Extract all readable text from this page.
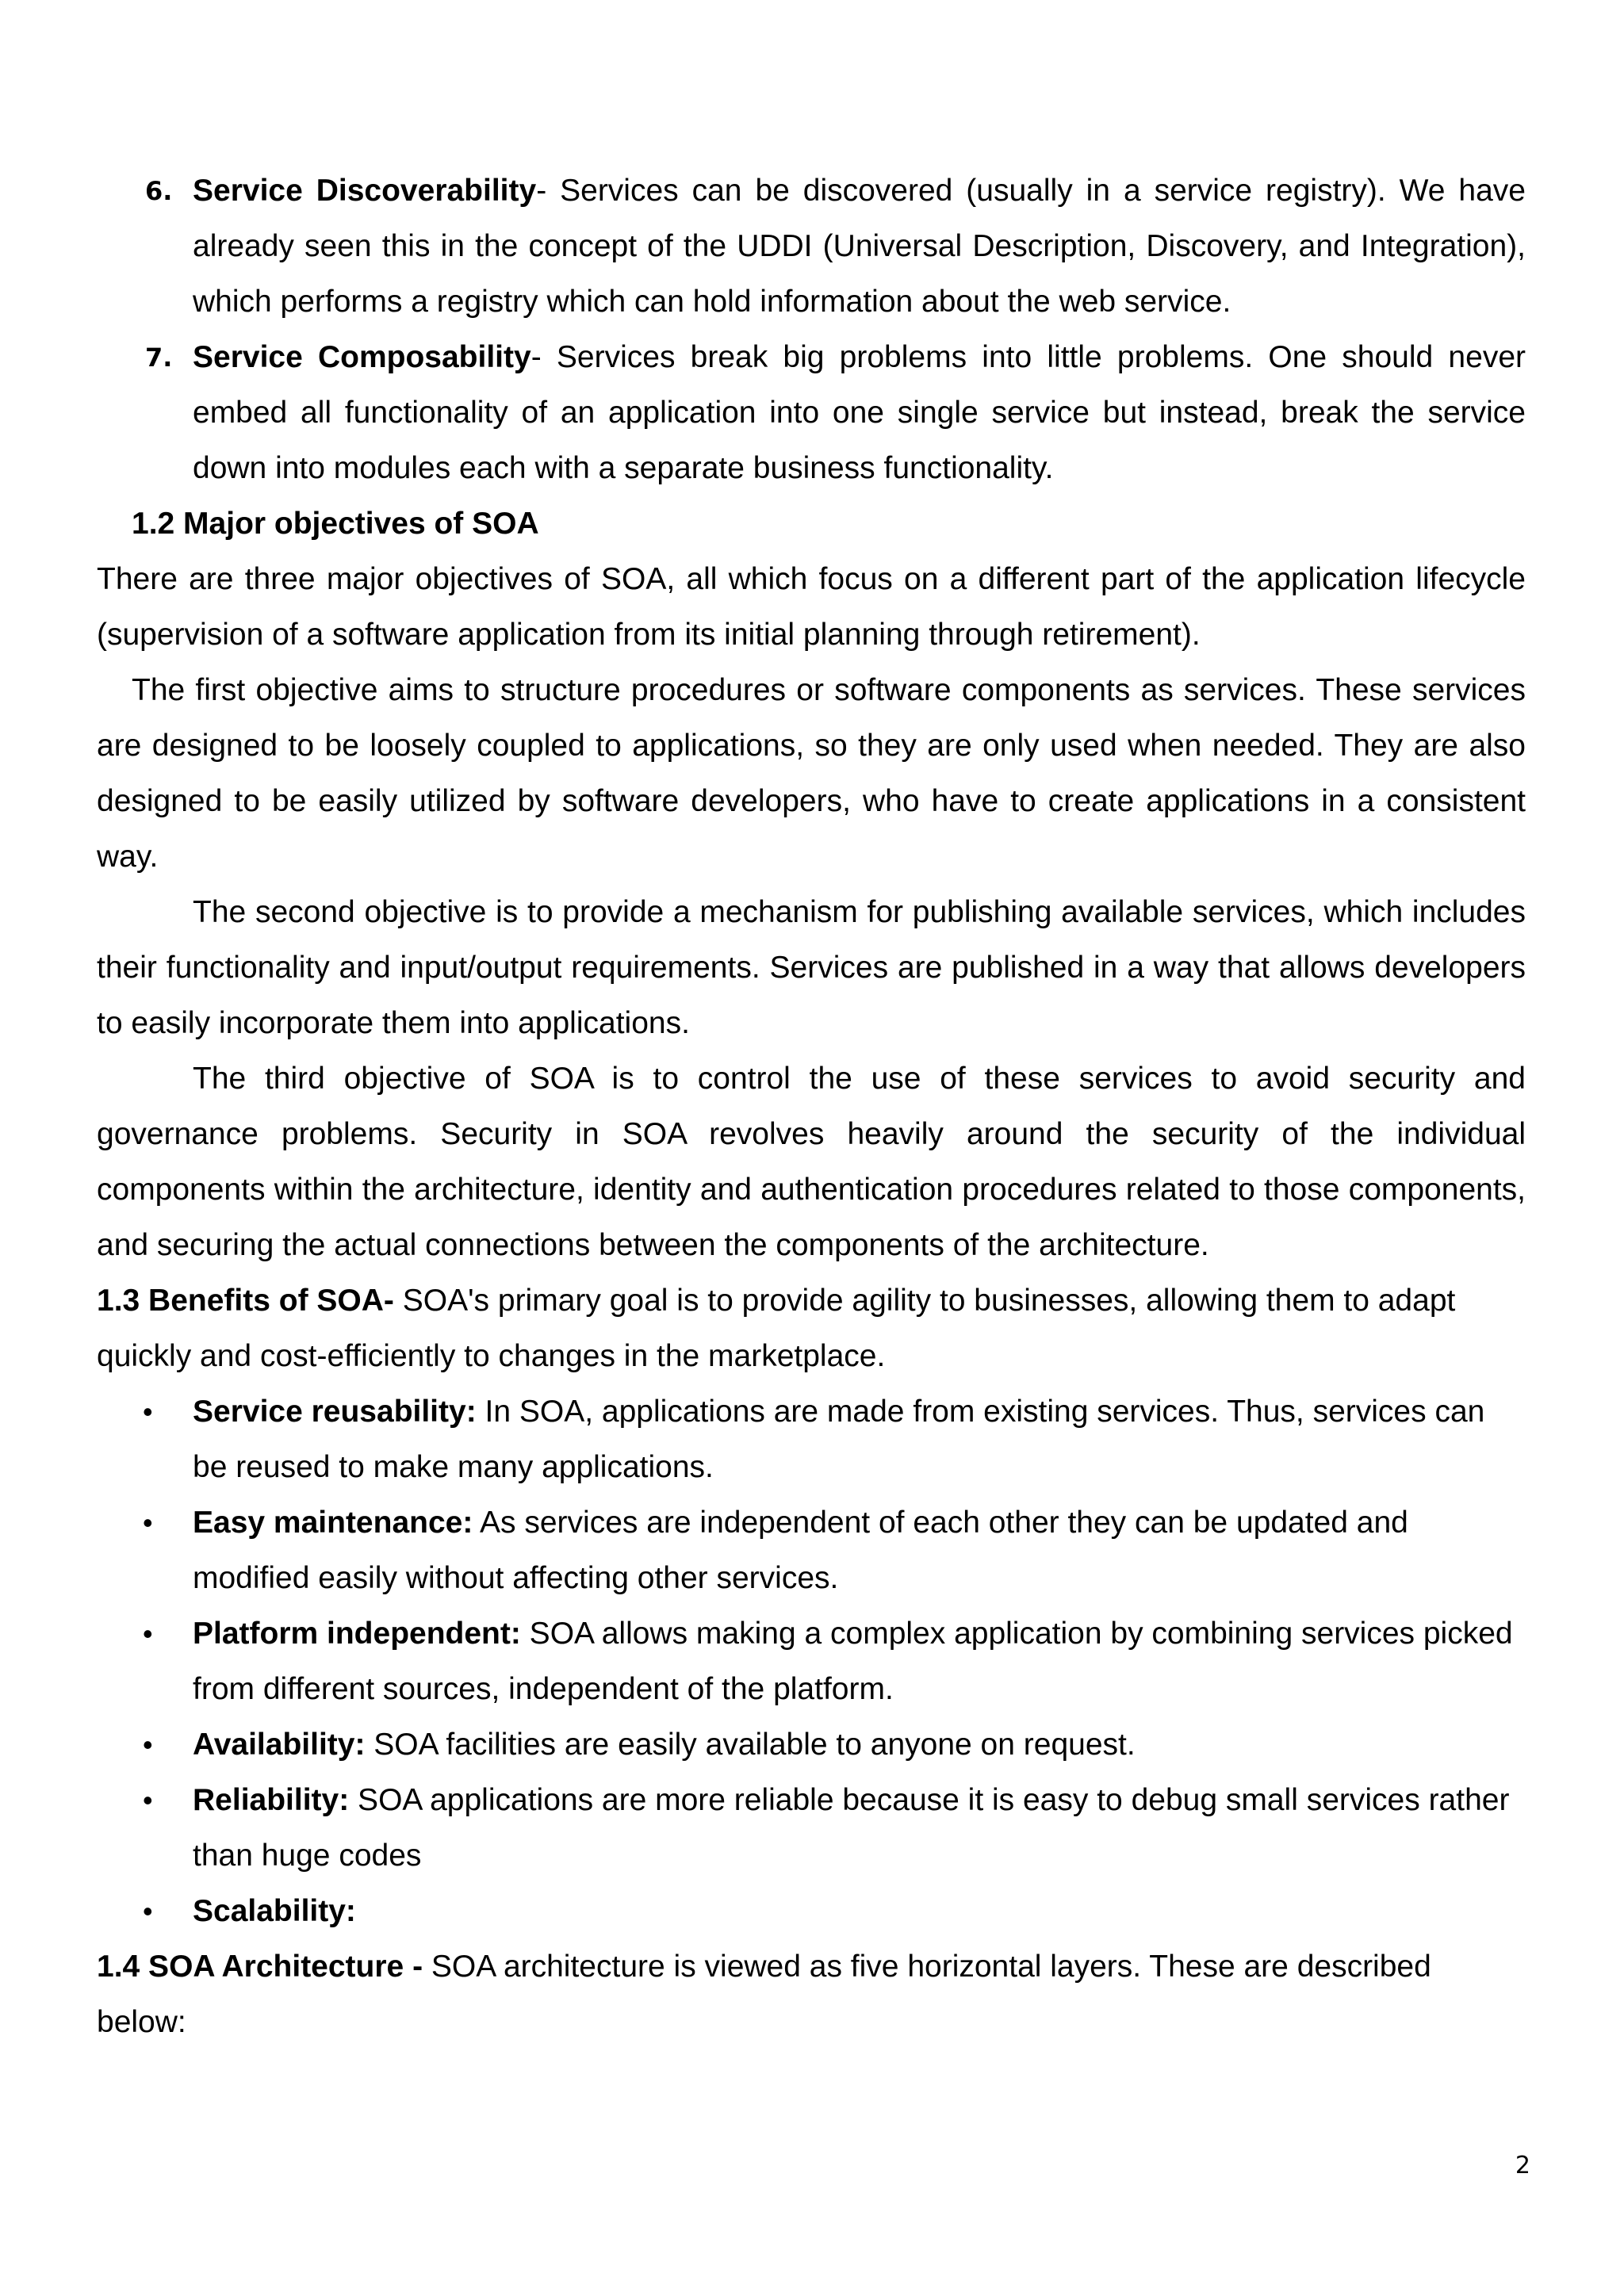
6. Service Discoverability- Services can be discovered (usually in a service registry). We have already seen this in the concept of the UDDI (Universal Description, Discovery, and Integration), which performs a registry which can hold information about the web service.
7. Service Composability- Services break big problems into little problems. One should never embed all functionality of an application into one single service but instead, break the service down into modules each with a separate business functionality.

1.2 Major objectives of SOA

There are three major objectives of SOA, all which focus on a different part of the application lifecycle (supervision of a software application from its initial planning through retirement).

The first objective aims to structure procedures or software components as services. These services are designed to be loosely coupled to applications, so they are only used when needed. They are also designed to be easily utilized by software developers, who have to create applications in a consistent way.

The second objective is to provide a mechanism for publishing available services, which includes their functionality and input/output requirements. Services are published in a way that allows developers to easily incorporate them into applications.

The third objective of SOA is to control the use of these services to avoid security and governance problems. Security in SOA revolves heavily around the security of the individual components within the architecture, identity and authentication procedures related to those components, and securing the actual connections between the components of the architecture.

1.3 Benefits of SOA- SOA's primary goal is to provide agility to businesses, allowing them to adapt quickly and cost-efficiently to changes in the marketplace.

• Service reusability: In SOA, applications are made from existing services. Thus, services can be reused to make many applications.
• Easy maintenance: As services are independent of each other they can be updated and modified easily without affecting other services.
• Platform independent: SOA allows making a complex application by combining services picked from different sources, independent of the platform.
• Availability: SOA facilities are easily available to anyone on request.
• Reliability: SOA applications are more reliable because it is easy to debug small services rather than huge codes
• Scalability:

1.4 SOA Architecture - SOA architecture is viewed as five horizontal layers. These are described below:

2
